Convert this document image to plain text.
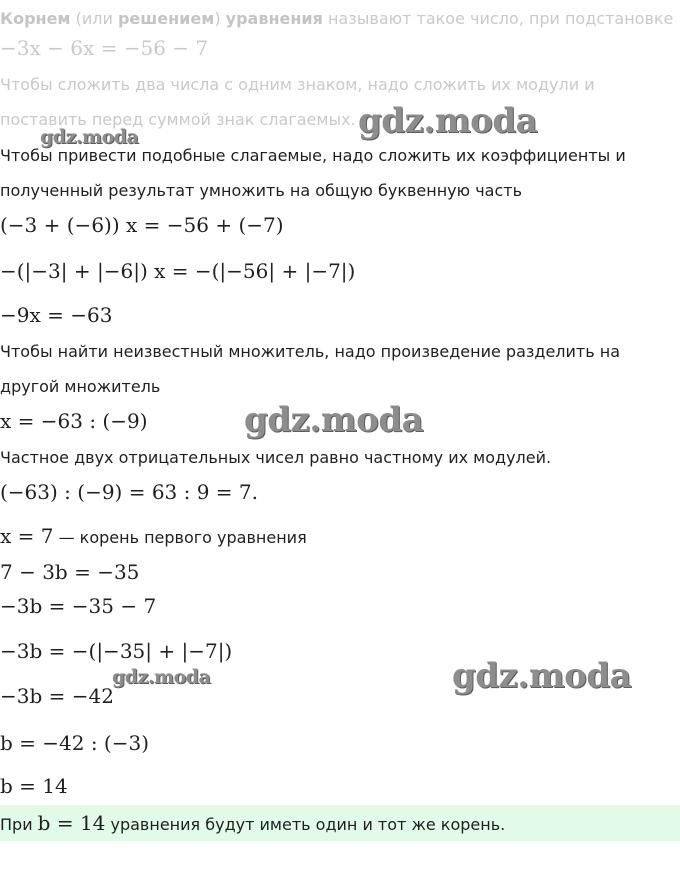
Корнем (или решением) уравнения называют такое число, при подстановке
−3x − 6x = −56 − 7
Чтобы сложить два числа с одним знаком, надо сложить их модули и
поставить перед суммой знак слагаемых.
Чтобы привести подобные слагаемые, надо сложить их коэффициенты и
полученный результат умножить на общую буквенную часть
(−3 + (−6)) x = −56 + (−7)
−(|−3| + |−6|) x = −(|−56| + |−7|)
−9x = −63
Чтобы найти неизвестный множитель, надо произведение разделить на
другой множитель
x = −63 : (−9)
Частное двух отрицательных чисел равно частному их модулей.
(−63) : (−9) = 63 : 9 = 7.
x = 7 — корень первого уравнения
7 − 3b = −35
−3b = −35 − 7
−3b = −(|−35| + |−7|)
−3b = −42
b = −42 : (−3)
b = 14
При b = 14 уравнения будут иметь один и тот же корень.
gdz.moda
gdz.moda
gdz.moda
gdz.moda	gdz.moda
